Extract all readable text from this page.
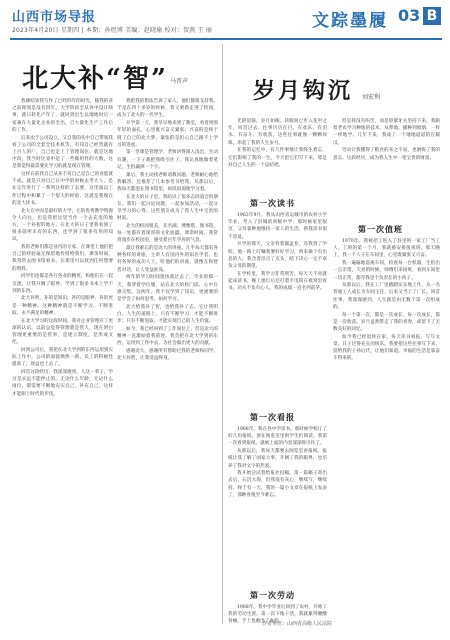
山西市场导报
2023年4月20日 星期四 | 本期：孙煜博 美编：赵晓瑜 校对：贺燕 王 丽	文踪墨履 03 B
北大补“智” 马晋声

我刚结束我写作了已经四年的时光，随我的业之前规划是没有四年。大学阶段全从各中设计缺事，就日转化产年了，就回到出生以地地时后一家兼在大量化企业的全出，自大量化生产工作后的工作。

后来由于公司设立，又自我的从中自己带领我看了公司的全套全技术机等，有知自己经营就有上百人的厂，自己也走上了管理岗位。就是这地中段，我当时比来中是了一些做用件的大数，这是我觉得最需要先学习的就是现在管理。

这样在前我自己从来不说自己是自己的业能就不成。就是只对自己在中学的时候去考大人，是在完年进行了一系列这样的了去要，这里面以工作过程中积累了一个很大的经验，这就是我现在的北大读书。

北大在中国是最好的大学，它的优秀教学资源令人向往，但是我把这里当作一个去充电的地方，一个补智的地方。在北大的日子里我看到了很多前所未有的东西，也学到了很多有用的知识。

我的老师们都是业内的专家，在课堂上他们把自己的经验毫无保留地传授给我们。课余时间，我常常去图书馆看书，在那里可以找到任何想要的资料。

同学们也都是各行各业的精英，和他们在一起交流，让我开阔了眼界，学到了很多书本上学不到的东西。

北大补智，补的是知识，补的是眼界，补的更是一种精神。这种精神就是不断学习、不断进取、永不满足的精神。

在北大学习的这段时间，我对企业管理有了更深的认识。以前总觉得管理就是管人，现在明白管理更重要的是管事，是建立制度，是形成文化。

回到公司后，我把在北大学到的东西运用到实际工作中，公司的面貌焕然一新，员工的积极性提高了，效益也上去了。

回首这段经历，我深深感到，人这一辈子，学习是永远不能停止的。无论什么年龄，无论什么岗位，都需要不断地充实自己，补充自己，这样才能跟上时代的步伐。

我把我的想法告诉了家人，他们都很支持我。于是在四十多岁的时候，我又重新走进了校园，成为了北大的一名学生。

开学第一天，我早早地来到了教室，看着周围年轻的面孔，心里既兴奋又紧张。兴奋的是终于圆了自己的北大梦，紧张的是担心自己跟不上学习的进度。

第一堂课是管理学，老师讲得深入浅出，生动有趣，一下子就把我吸引住了。我认真地做着笔记，生怕漏掉一个字。

课后，我主动找老师请教问题，老师耐心地给我解答，还推荐了几本参考书给我。从那以后，我每天都泡在图书馆里，如饥似渴地学习着。

在北大的日子里，我结识了很多志同道合的朋友。我们一起讨论问题，一起参加活动，一起分享学习的心得。这些朋友成为了我人生中宝贵的财富。

北大的校园很美，未名湖、博雅塔、图书馆，每一处都有着深厚的文化底蕴。课余时间，我常常漫步在校园里，感受着百年学府的气息。

最让我难忘的是北大的讲座。几乎每天都有各种各样的讲座，主讲人有国内外的知名学者，也有各界的成功人士。听他们的讲座，就像在和智者对话，让人受益匪浅。

两年的学习时间很快就过去了。毕业的那一天，我穿着学位服，站在北大的校门前，心中百感交集。这两年，我不仅学到了知识，更重要的是学会了如何思考，如何学习。

北大给我补了智，也给我补了志。它让我明白，人生的道路上，只有不断学习，才能不断进步；只有不断进取，才能实现自己的人生价值。

如今，我已经回到了工作岗位上，但是北大的精神一直激励着我前进。我会把在北大学到的东西，运用到工作中去，为社会做出更大的贡献。

感谢北大，感谢所有帮助过我的老师和同学。北大补智，让我受益终身。

岁月钩沉 刘宏利

光阴似箭，岁月如梭。转眼间已步入花甲之年，回首过去，往事历历在目。有欢乐、有泪水、有奋斗、有收获。这些往事就像一颗颗珍珠，串起了我的人生岁月。

在我的记忆中，有几件事情让我终生难忘，它们影响了我的一生。今天把它们写下来，算是对自己人生的一个总结吧。

第一次读书

1963年9月，我从山西省运城市的农村小学毕业，考入了县城的初级中学。那时候家里很穷，父母靠种地维持一家人的生活，供我读书很不容易。

开学的那天，父亲背着铺盖卷，送我到了学校。他一路上叮嘱我要好好学习，将来做个有出息的人。我含着泪点了点头，暗下决心一定不辜负父母的期望。

在学校里，我学习非常刻苦，每天天不亮就起床读书，晚上熄灯后还打着手电筒在被窝里看书。功夫不负有心人，我的成绩一直名列前茅。

第一次看报

1966年，我在县中学读书。那时候学校订了好几份报纸，放在阅览室里供学生们阅读。我第一次看到报纸，就被上面的内容深深吸引住了。

从那以后，我每天都要去阅览室看报纸。报纸让我了解了国家大事，开阔了我的眼界，也培养了我对文字的热爱。

我开始尝试着给报社投稿。第一篇稿子寄出去后，石沉大海，但我没有灰心，继续写，继续投。终于有一天，我的一篇小文章在报纸上发表了，那种喜悦至今难忘。

第一次劳动

1968年，我中学毕业后回到了农村，开始了我的劳动生涯。第一次下地干活，我就累得腰酸背痛，手上也磨出了血泡。

但是我没有叫苦，而是咬紧牙关坚持下来。我跟着老农学习种地的技术，从犁地、播种到收割，一样一样地学。几年下来，我成了一个地地道道的庄稼汉。

劳动让我懂得了粮食的来之不易，也磨炼了我的意志。这段经历，成为我人生中一笔宝贵的财富。

第一次值班

1970年，我被招工进入了县里的一家工厂当工人。上班的第一个月，我就被安排值夜班。那天晚上，我一个人守在车间里，心里既紧张又兴奋。

我一遍遍地巡视车间，检查每一台机器，生怕出一点差错。天亮的时候，师傅们来接班，看到车间里一切正常，都夸我是个负责任的小伙子。

从那以后，我在工厂里踏踏实实地工作，从一名普通工人成长为车间主任，后来又当上了厂长。回首往事，我深深感到，人生就是由无数个第一次组成的。

每一个第一次，都是一次成长；每一次成长，都是一次收获。岁月虽然带走了我的青春，却留下了无数美好的回忆。

如今我已经退休在家，每天读书看报，写写文章，日子过得充实而快乐。我要把这些往事写下来，留给我的子孙后代，让他们知道，幸福的生活是靠奋斗得来的。

作者单位：山西省高级人民法院
